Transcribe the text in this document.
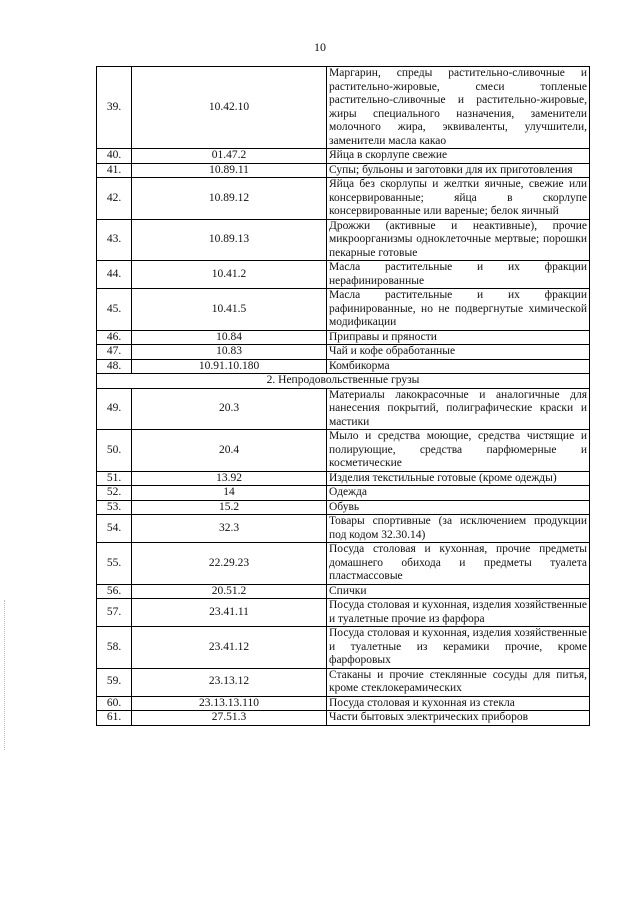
10
39.	10.42.10	Маргарин, спреды растительно-сливочные и растительно-жировые, смеси топленые растительно-сливочные и растительно-жировые, жиры специального назначения, заменители молочного жира, эквиваленты, улучшители, заменители масла какао
40.	01.47.2	Яйца в скорлупе свежие
41.	10.89.11	Супы; бульоны и заготовки для их приготовления
42.	10.89.12	Яйца без скорлупы и желтки яичные, свежие или консервированные; яйца в скорлупе консервированные или вареные; белок яичный
43.	10.89.13	Дрожжи (активные и неактивные), прочие микроорганизмы одноклеточные мертвые; порошки пекарные готовые
44.	10.41.2	Масла растительные и их фракции нерафинированные
45.	10.41.5	Масла растительные и их фракции рафинированные, но не подвергнутые химической модификации
46.	10.84	Приправы и пряности
47.	10.83	Чай и кофе обработанные
48.	10.91.10.180	Комбикорма
2. Непродовольственные грузы		
49.	20.3	Материалы лакокрасочные и аналогичные для нанесения покрытий, полиграфические краски и мастики
50.	20.4	Мыло и средства моющие, средства чистящие и полирующие, средства парфюмерные и косметические
51.	13.92	Изделия текстильные готовые (кроме одежды)
52.	14	Одежда
53.	15.2	Обувь
54.	32.3	Товары спортивные (за исключением продукции под кодом 32.30.14)
55.	22.29.23	Посуда столовая и кухонная, прочие предметы домашнего обихода и предметы туалета пластмассовые
56.	20.51.2	Спички
57.	23.41.11	Посуда столовая и кухонная, изделия хозяйственные и туалетные прочие из фарфора
58.	23.41.12	Посуда столовая и кухонная, изделия хозяйственные и туалетные из керамики прочие, кроме фарфоровых
59.	23.13.12	Стаканы и прочие стеклянные сосуды для питья, кроме стеклокерамических
60.	23.13.13.110	Посуда столовая и кухонная из стекла
61.	27.51.3	Части бытовых электрических приборов
